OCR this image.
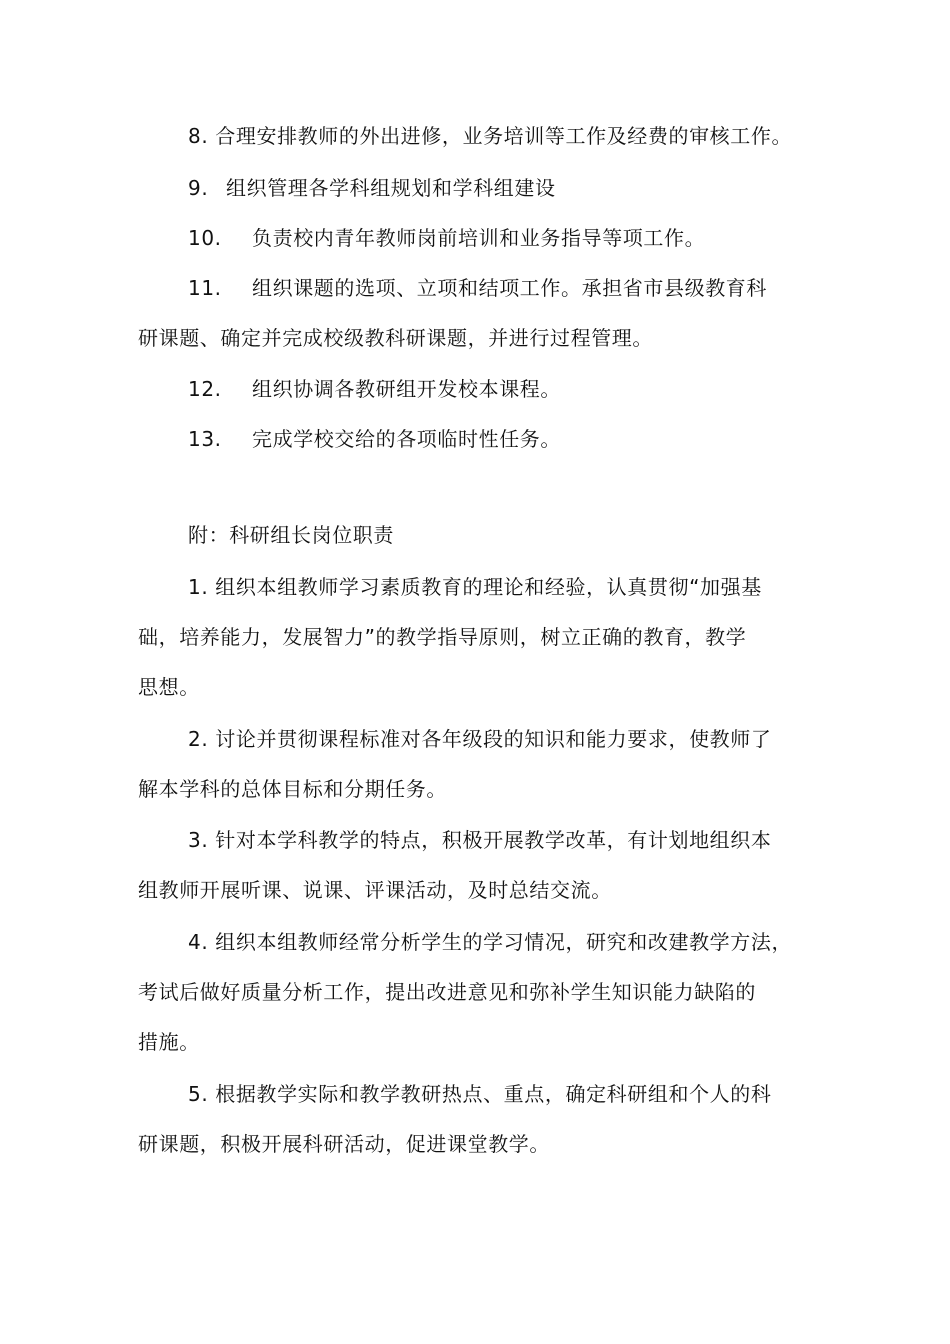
8. 合理安排教师的外出进修，业务培训等工作及经费的审核工作。
9. 组织管理各学科组规划和学科组建设
10. 负责校内青年教师岗前培训和业务指导等项工作。
11. 组织课题的选项、立项和结项工作。承担省市县级教育科
研课题、确定并完成校级教科研课题，并进行过程管理。
12. 组织协调各教研组开发校本课程。
13. 完成学校交给的各项临时性任务。
附：科研组长岗位职责
1. 组织本组教师学习素质教育的理论和经验，认真贯彻“加强基
础，培养能力，发展智力”的教学指导原则，树立正确的教育，教学
思想。
2. 讨论并贯彻课程标准对各年级段的知识和能力要求，使教师了
解本学科的总体目标和分期任务。
3. 针对本学科教学的特点，积极开展教学改革，有计划地组织本
组教师开展听课、说课、评课活动，及时总结交流。
4. 组织本组教师经常分析学生的学习情况，研究和改建教学方法，
考试后做好质量分析工作，提出改进意见和弥补学生知识能力缺陷的
措施。
5. 根据教学实际和教学教研热点、重点，确定科研组和个人的科
研课题，积极开展科研活动，促进课堂教学。
